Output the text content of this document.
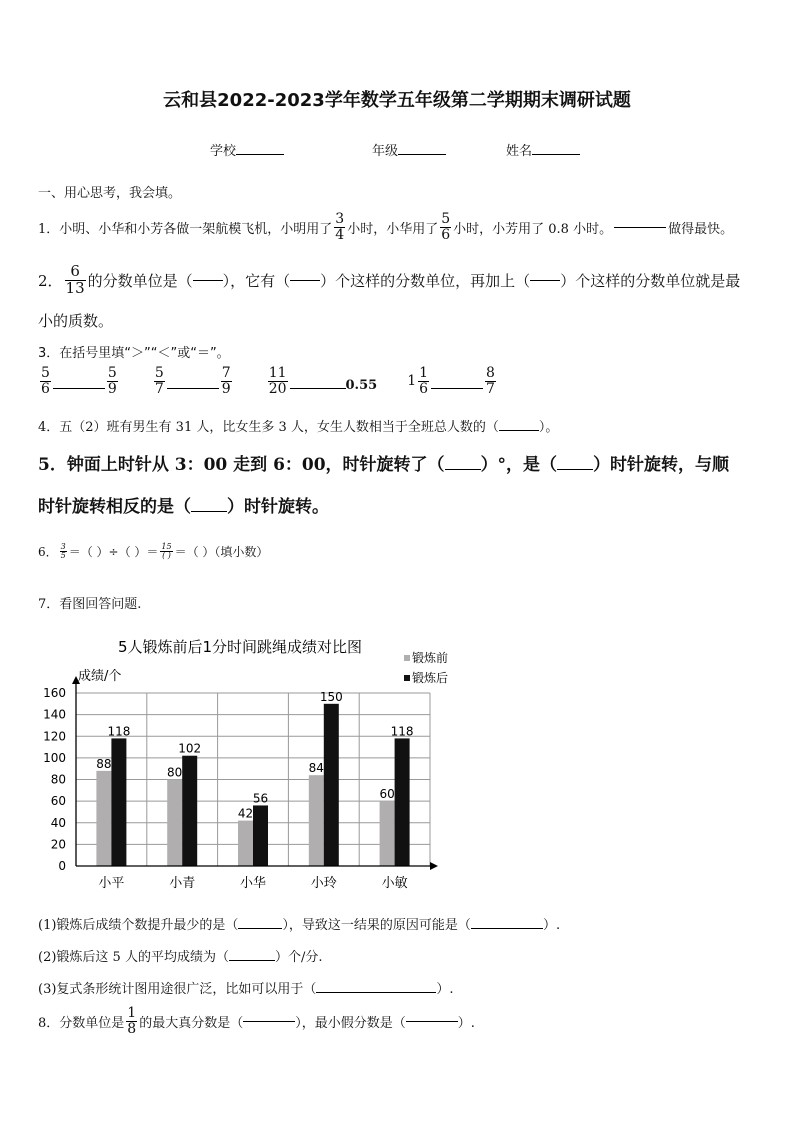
云和县2022-2023学年数学五年级第二学期期末调研试题
学校	年级	姓名
一、用心思考，我会填。
1．小明、小华和小芳各做一架航模飞机，小明用了 $\frac{3}{4}$ 小时，小华用了 $\frac{5}{6}$ 小时，小芳用了 0.8 小时。	做得最快。
2． $\frac{6}{13}$ 的分数单位是（ ），它有（ ）个这样的分数单位，再加上（ ）个这样的分数单位就是最
小的质数。
3．在括号里填“＞”“＜”或“＝”。
$\frac{5}{6}$	$\frac{5}{9}$	$\frac{5}{7}$	$\frac{7}{9}$	$\frac{11}{20}$	0.55 $1 \frac{1}{6}$	$\frac{8}{7}$
4．五（2）班有男生有 31 人，比女生多 3 人，女生人数相当于全班总人数的（	）。
5．钟面上时针从 3：00 走到 6：00，时针旋转了（ ）°，是（ ）时针旋转，与顺
时针旋转相反的是（ ）时针旋转。
6． $\frac{3}{5}$ ＝（ ）÷（ ）＝ $\frac{15}{( )}$ ＝（ ）（填小数）
7．看图回答问题.
5人锻炼前后1分时间跳绳成绩对比图
成绩/个
锻炼前
锻炼后
0
20
40
60
80
100
120
140
160
88
118
80
102
42
56
84
150
60
118
小平	小青	小华	小玲	小敏
(1)锻炼后成绩个数提升最少的是（	），导致这一结果的原因可能是（	）.
(2)锻炼后这 5 人的平均成绩为（	）个/分.
(3)复式条形统计图用途很广泛，比如可以用于（	）.
8．分数单位是 $\frac{1}{8}$ 的最大真分数是（	），最小假分数是（	）.
